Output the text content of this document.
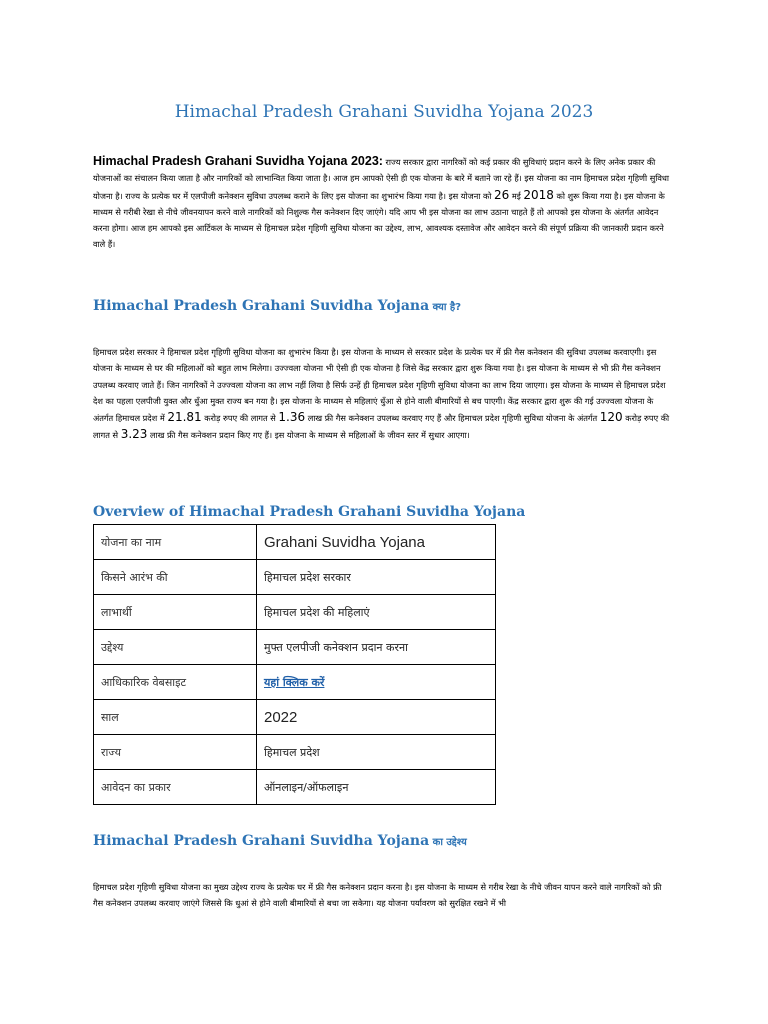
Himachal Pradesh Grahani Suvidha Yojana 2023

Himachal Pradesh Grahani Suvidha Yojana 2023: राज्य सरकार द्वारा नागरिकों को कई प्रकार की सुविधाएं प्रदान करने के लिए अनेक प्रकार की योजनाओं का संचालन किया जाता है और नागरिकों को लाभान्वित किया जाता है। आज हम आपको ऐसी ही एक योजना के बारे में बताने जा रहे हैं। इस योजना का नाम हिमाचल प्रदेश गृहिणी सुविधा योजना है। राज्य के प्रत्येक घर में एलपीजी कनेक्शन सुविधा उपलब्ध कराने के लिए इस योजना का शुभारंभ किया गया है। इस योजना को 26 मई 2018 को शुरू किया गया है। इस योजना के माध्यम से गरीबी रेखा से नीचे जीवनयापन करने वाले नागरिकों को निशुल्क गैस कनेक्शन दिए जाएंगे। यदि आप भी इस योजना का लाभ उठाना चाहते हैं तो आपको इस योजना के अंतर्गत आवेदन करना होगा। आज हम आपको इस आर्टिकल के माध्यम से हिमाचल प्रदेश गृहिणी सुविधा योजना का उद्देश्य, लाभ, आवश्यक दस्तावेज और आवेदन करने की संपूर्ण प्रक्रिया की जानकारी प्रदान करने वाले हैं।

Himachal Pradesh Grahani Suvidha Yojana क्या है?

हिमाचल प्रदेश सरकार ने हिमाचल प्रदेश गृहिणी सुविधा योजना का शुभारंभ किया है। इस योजना के माध्यम से सरकार प्रदेश के प्रत्येक घर में फ्री गैस कनेक्शन की सुविधा उपलब्ध करवाएगी। इस योजना के माध्यम से घर की महिलाओं को बहुत लाभ मिलेगा। उज्ज्वला योजना भी ऐसी ही एक योजना है जिसे केंद्र सरकार द्वारा शुरू किया गया है। इस योजना के माध्यम से भी फ्री गैस कनेक्शन उपलब्ध करवाए जाते हैं। जिन नागरिकों ने उज्ज्वला योजना का लाभ नहीं लिया है सिर्फ उन्हें ही हिमाचल प्रदेश गृहिणी सुविधा योजना का लाभ दिया जाएगा। इस योजना के माध्यम से हिमाचल प्रदेश देश का पहला एलपीजी युक्त और धुँआ मुक्त राज्य बन गया है। इस योजना के माध्यम से महिलाएं धुँआ से होने वाली बीमारियों से बच पाएगी। केंद्र सरकार द्वारा शुरू की गई उज्ज्वला योजना के अंतर्गत हिमाचल प्रदेश में 21.81 करोड़ रुपए की लागत से 1.36 लाख फ्री गैस कनेक्शन उपलब्ध करवाए गए हैं और हिमाचल प्रदेश गृहिणी सुविधा योजना के अंतर्गत 120 करोड़ रुपए की लागत से 3.23 लाख फ्री गैस कनेक्शन प्रदान किए गए हैं। इस योजना के माध्यम से महिलाओं के जीवन स्तर में सुधार आएगा।

Overview of Himachal Pradesh Grahani Suvidha Yojana
योजना का नाम	Grahani Suvidha Yojana
किसने आरंभ की	हिमाचल प्रदेश सरकार
लाभार्थी	हिमाचल प्रदेश की महिलाएं
उद्देश्य	मुफ्त एलपीजी कनेक्शन प्रदान करना
आधिकारिक वेबसाइट	यहां क्लिक करें
साल	2022
राज्य	हिमाचल प्रदेश
आवेदन का प्रकार	ऑनलाइन/ऑफलाइन
Himachal Pradesh Grahani Suvidha Yojana का उद्देश्य

हिमाचल प्रदेश गृहिणी सुविधा योजना का मुख्य उद्देश्य राज्य के प्रत्येक घर में फ्री गैस कनेक्शन प्रदान करना है। इस योजना के माध्यम से गरीब रेखा के नीचे जीवन यापन करने वाले नागरिकों को फ्री गैस कनेक्शन उपलब्ध करवाए जाएंगे जिससे कि धुआं से होने वाली बीमारियों से बचा जा सकेगा। यह योजना पर्यावरण को सुरक्षित रखने में भी
